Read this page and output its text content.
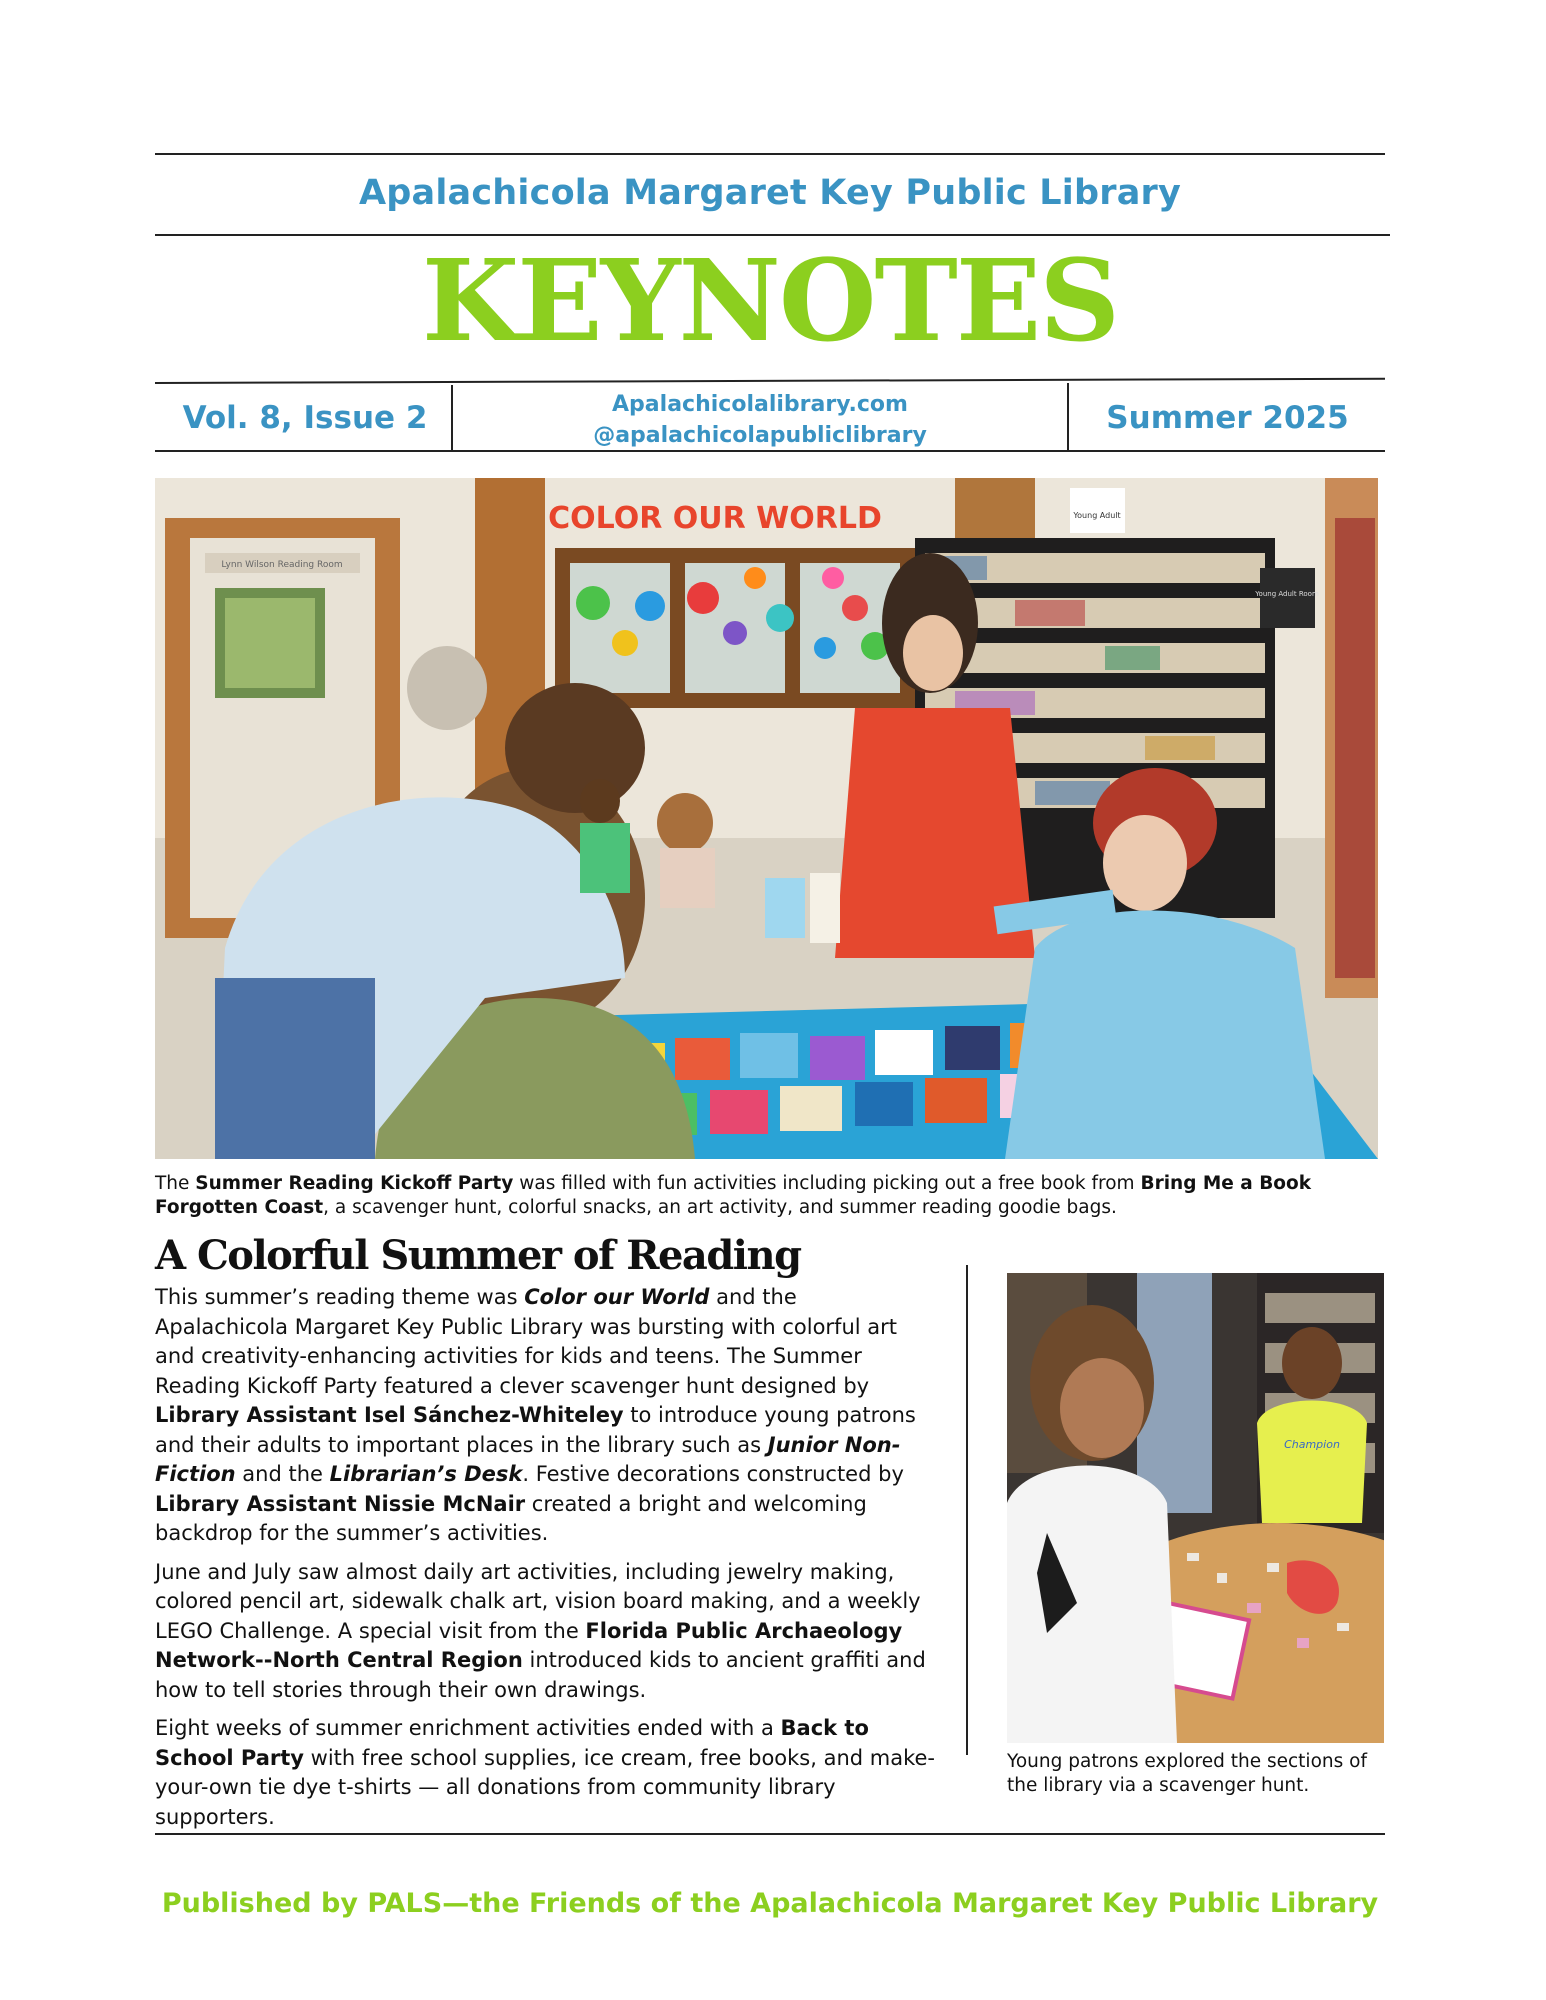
Apalachicola Margaret Key Public Library
KEYNOTES
Vol. 8, Issue 2	Apalachicolalibrary.com
@apalachicolapubliclibrary	Summer 2025
Lynn Wilson Reading Room
COLOR OUR WORLD	Young Adult
Young Adult Room
The Summer Reading Kickoff Party was filled with fun activities including picking out a free book from Bring Me a Book Forgotten Coast, a scavenger hunt, colorful snacks, an art activity, and summer reading goodie bags.
A Colorful Summer of Reading

This summer’s reading theme was Color our World and the Apalachicola Margaret Key Public Library was bursting with colorful art and creativity-enhancing activities for kids and teens. The Summer Reading Kickoff Party featured a clever scavenger hunt designed by Library Assistant Isel Sánchez-Whiteley to introduce young patrons and their adults to important places in the library such as Junior Non-Fiction and the Librarian’s Desk. Festive decorations constructed by Library Assistant Nissie McNair created a bright and welcoming backdrop for the summer’s activities.

June and July saw almost daily art activities, including jewelry making, colored pencil art, sidewalk chalk art, vision board making, and a weekly LEGO Challenge. A special visit from the Florida Public Archaeology Network--North Central Region introduced kids to ancient graffiti and how to tell stories through their own drawings.

Eight weeks of summer enrichment activities ended with a Back to School Party with free school supplies, ice cream, free books, and make-your-own tie dye t-shirts — all donations from community library supporters.

Champion
Young patrons explored the sections of the library via a scavenger hunt.
Published by PALS—the Friends of the Apalachicola Margaret Key Public Library
